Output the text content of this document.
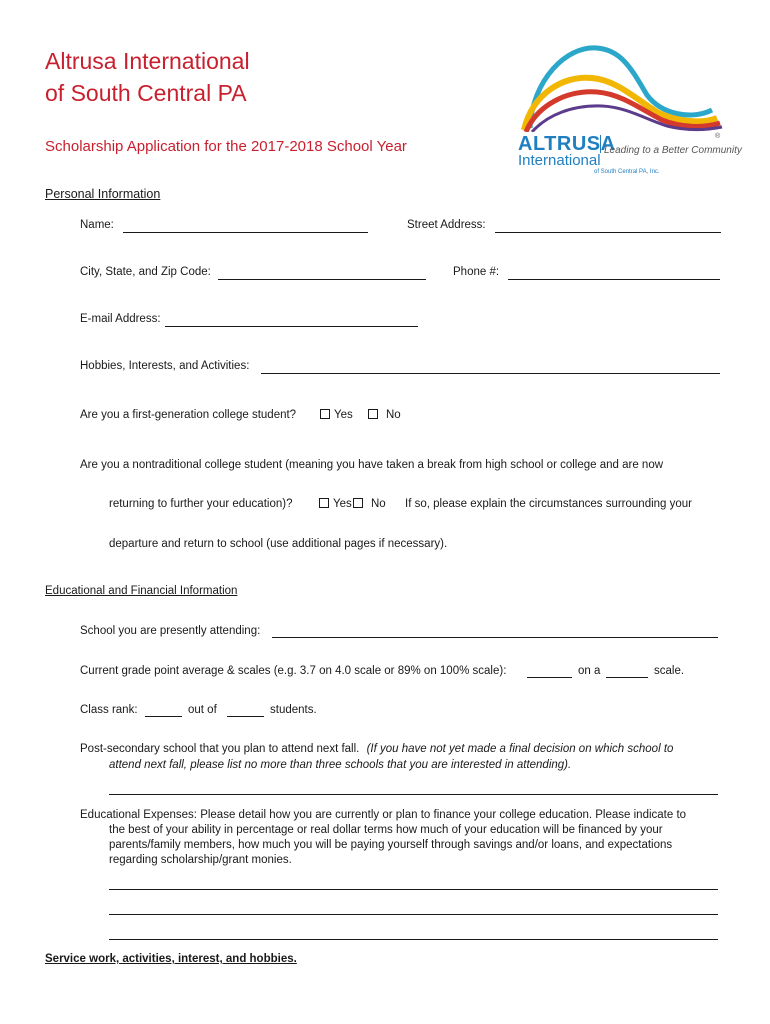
Altrusa International
of South Central PA
Scholarship Application for the 2017-2018 School Year	ALTRUSA
Leading to a Better Community
®
International
of South Central PA, Inc.
Personal Information
Name:	Street Address:
City, State, and Zip Code:	Phone #:
E-mail Address:
Hobbies, Interests, and Activities:
Are you a first-generation college student?	Yes	No
Are you a nontraditional college student (meaning you have taken a break from high school or college and are now
returning to further your education)?	Yes	No If so, please explain the circumstances surrounding your
departure and return to school (use additional pages if necessary).
Educational and Financial Information
School you are presently attending:
Current grade point average & scales (e.g. 3.7 on 4.0 scale or 89% on 100% scale):	on a	scale.
Class rank:	out of	students.
Post-secondary school that you plan to attend next fall. (If you have not yet made a final decision on which school to
attend next fall, please list no more than three schools that you are interested in attending).
Educational Expenses: Please detail how you are currently or plan to finance your college education. Please indicate to
the best of your ability in percentage or real dollar terms how much of your education will be financed by your
parents/family members, how much you will be paying yourself through savings and/or loans, and expectations
regarding scholarship/grant monies.
Service work, activities, interest, and hobbies.
